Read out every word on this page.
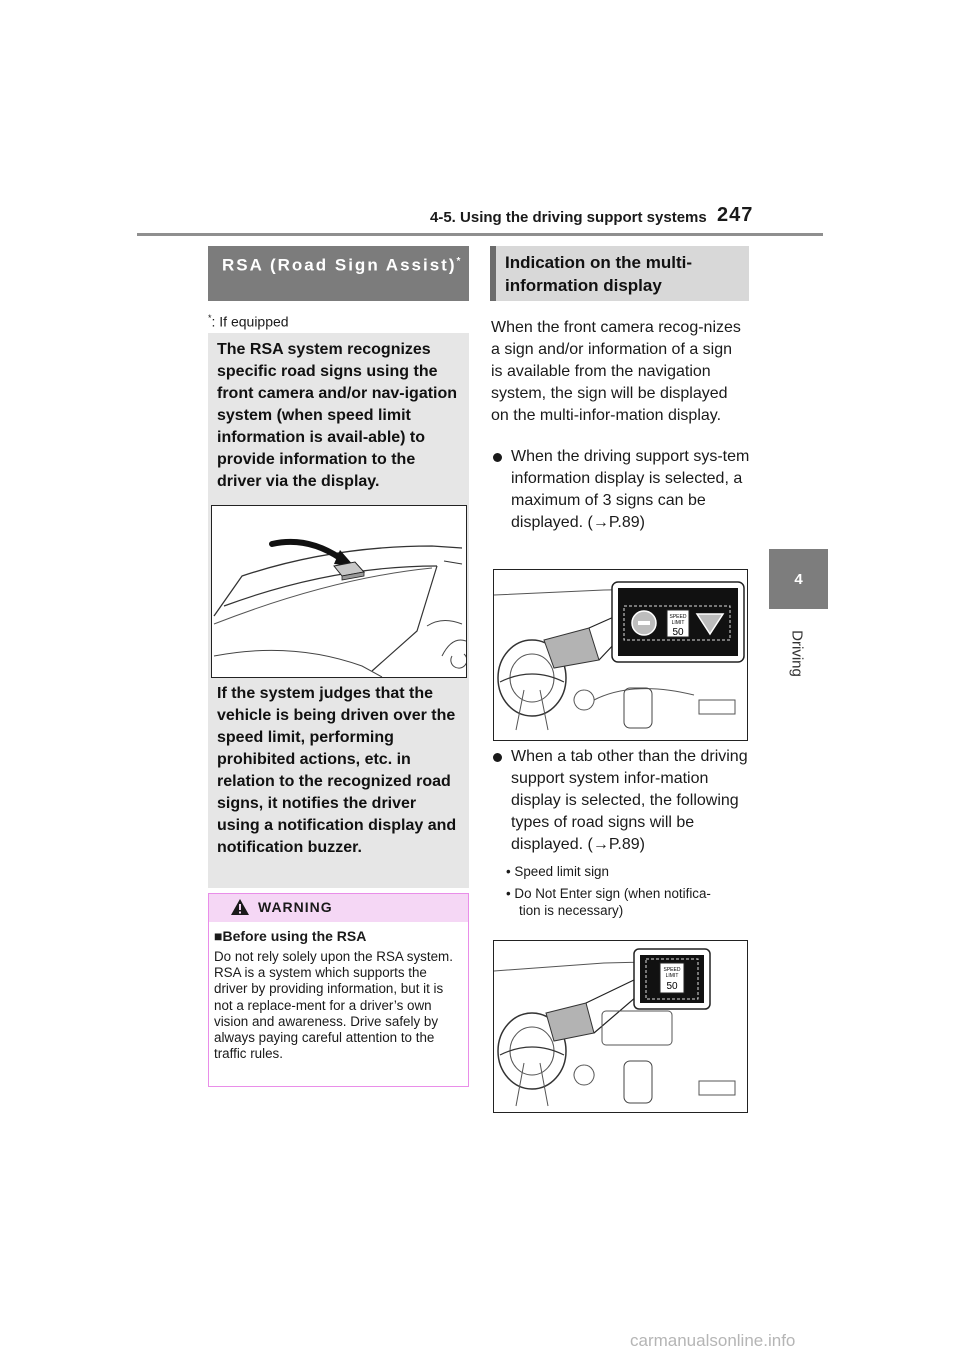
4-5. Using the driving support systems 247
4
Driving
RSA (Road Sign Assist)*
*: If equipped
The RSA system recognizes specific road signs using the front camera and/or nav-igation system (when speed limit information is avail-able) to provide information to the driver via the display.
If the system judges that the vehicle is being driven over the speed limit, performing prohibited actions, etc. in relation to the recognized road signs, it notifies the driver using a notification display and notification buzzer.
WARNING
■Before using the RSA
Do not rely solely upon the RSA system. RSA is a system which supports the driver by providing information, but it is not a replace-ment for a driver’s own vision and awareness. Drive safely by always paying careful attention to the traffic rules.
Indication on the multi-information display
When the front camera recog-nizes a sign and/or information of a sign is available from the navigation system, the sign will be displayed on the multi-infor-mation display.
When the driving support sys-tem information display is selected, a maximum of 3 signs can be displayed. (→P.89)
SPEED
LIMIT
50
When a tab other than the driving support system infor-mation display is selected, the following types of road signs will be displayed. (→P.89)
• Speed limit sign
• Do Not Enter sign (when notifica-
tion is necessary)
SPEED
LIMIT
50
carmanualsonline.info
